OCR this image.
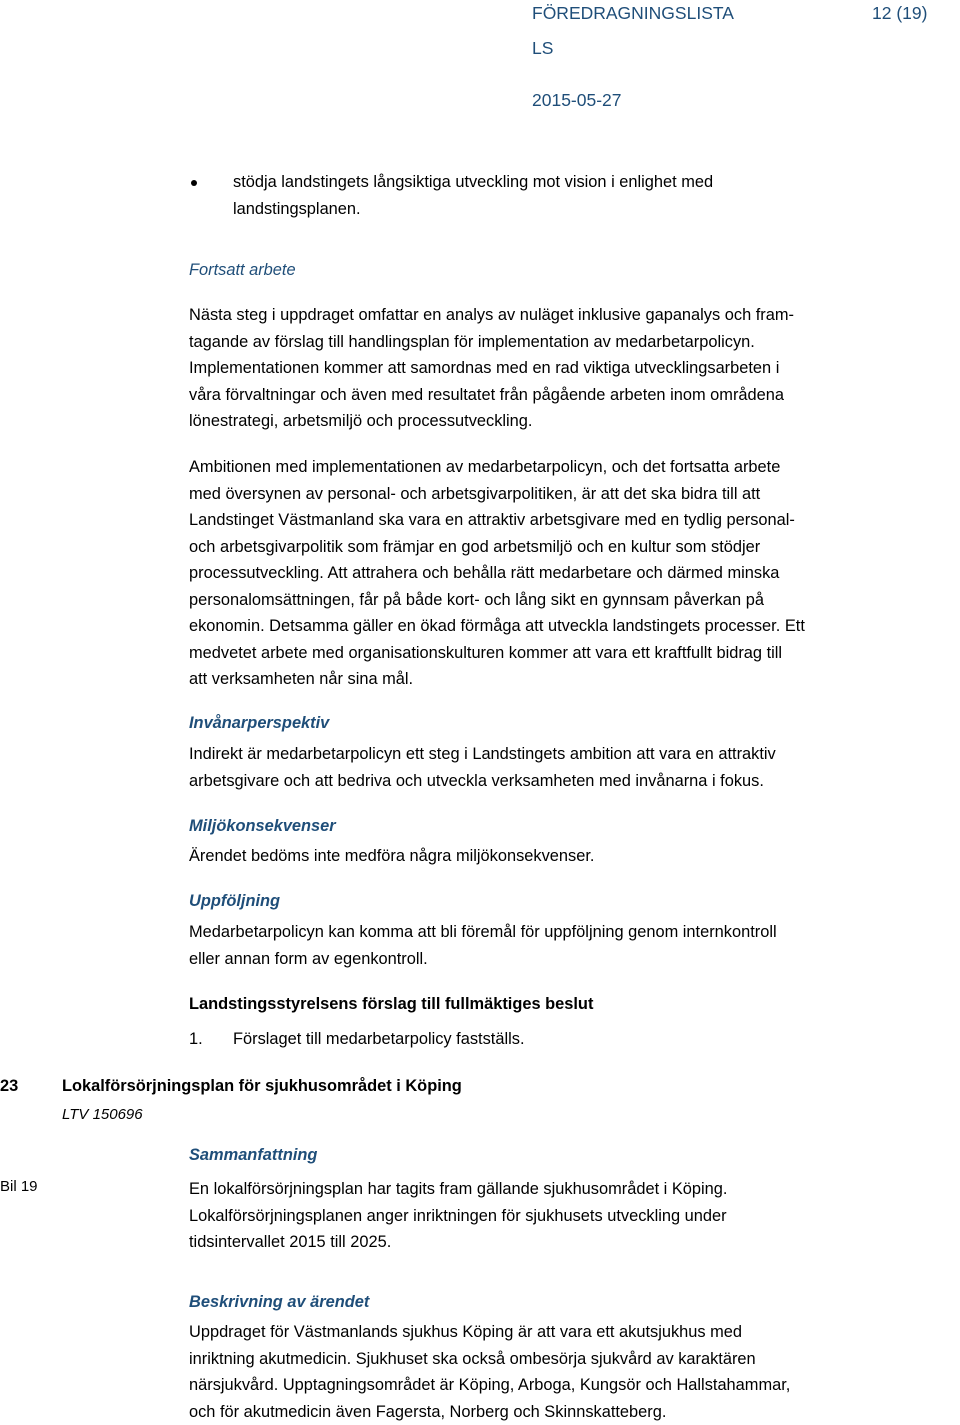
FÖREDRAGNINGSLISTA	12 (19)
LS
2015-05-27
stödja landstingets långsiktiga utveckling mot vision i enlighet med
landstingsplanen.
Fortsatt arbete
Nästa steg i uppdraget omfattar en analys av nuläget inklusive gapanalys och fram-
tagande av förslag till handlingsplan för implementation av medarbetarpolicyn.
Implementationen kommer att samordnas med en rad viktiga utvecklingsarbeten i
våra förvaltningar och även med resultatet från pågående arbeten inom områdena
lönestrategi, arbetsmiljö och processutveckling.
Ambitionen med implementationen av medarbetarpolicyn, och det fortsatta arbete
med översynen av personal- och arbetsgivarpolitiken, är att det ska bidra till att
Landstinget Västmanland ska vara en attraktiv arbetsgivare med en tydlig personal-
och arbetsgivarpolitik som främjar en god arbetsmiljö och en kultur som stödjer
processutveckling. Att attrahera och behålla rätt medarbetare och därmed minska
personalomsättningen, får på både kort- och lång sikt en gynnsam påverkan på
ekonomin. Detsamma gäller en ökad förmåga att utveckla landstingets processer. Ett
medvetet arbete med organisationskulturen kommer att vara ett kraftfullt bidrag till
att verksamheten når sina mål.
Invånarperspektiv
Indirekt är medarbetarpolicyn ett steg i Landstingets ambition att vara en attraktiv
arbetsgivare och att bedriva och utveckla verksamheten med invånarna i fokus.
Miljökonsekvenser
Ärendet bedöms inte medföra några miljökonsekvenser.
Uppföljning
Medarbetarpolicyn kan komma att bli föremål för uppföljning genom internkontroll
eller annan form av egenkontroll.
Landstingsstyrelsens förslag till fullmäktiges beslut
1. Förslaget till medarbetarpolicy fastställs.
23	Lokalförsörjningsplan för sjukhusområdet i Köping
LTV 150696
Bil 19
Sammanfattning
En lokalförsörjningsplan har tagits fram gällande sjukhusområdet i Köping.
Lokalförsörjningsplanen anger inriktningen för sjukhusets utveckling under
tidsintervallet 2015 till 2025.
Beskrivning av ärendet
Uppdraget för Västmanlands sjukhus Köping är att vara ett akutsjukhus med
inriktning akutmedicin. Sjukhuset ska också ombesörja sjukvård av karaktären
närsjukvård. Upptagningsområdet är Köping, Arboga, Kungsör och Hallstahammar,
och för akutmedicin även Fagersta, Norberg och Skinnskatteberg.
